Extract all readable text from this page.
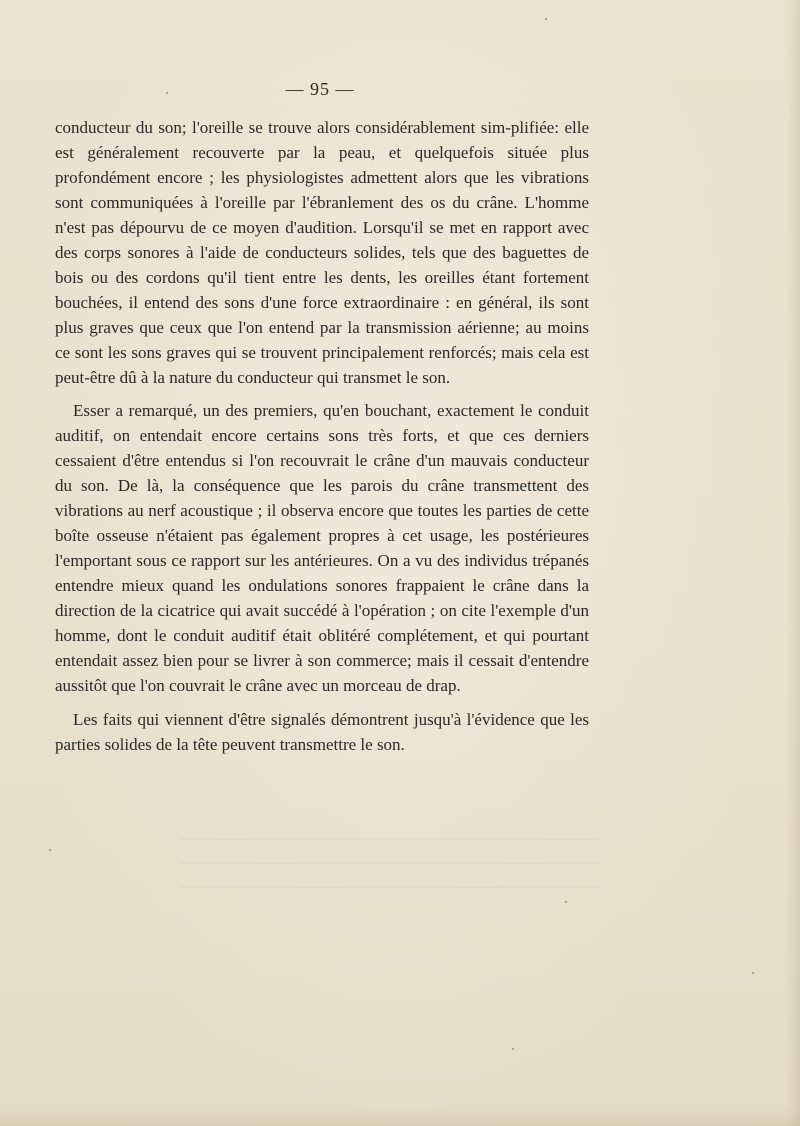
— 95 —

conducteur du son; l'oreille se trouve alors considérablement sim-plifiée: elle est généralement recouverte par la peau, et quelquefois située plus profondément encore ; les physiologistes admettent alors que les vibrations sont communiquées à l'oreille par l'ébranlement des os du crâne. L'homme n'est pas dépourvu de ce moyen d'audition. Lorsqu'il se met en rapport avec des corps sonores à l'aide de conducteurs solides, tels que des baguettes de bois ou des cordons qu'il tient entre les dents, les oreilles étant fortement bouchées, il entend des sons d'une force extraordinaire : en général, ils sont plus graves que ceux que l'on entend par la transmission aérienne; au moins ce sont les sons graves qui se trouvent principalement renforcés; mais cela est peut-être dû à la nature du conducteur qui transmet le son.

Esser a remarqué, un des premiers, qu'en bouchant, exactement le conduit auditif, on entendait encore certains sons très forts, et que ces derniers cessaient d'être entendus si l'on recouvrait le crâne d'un mauvais conducteur du son. De là, la conséquence que les parois du crâne transmettent des vibrations au nerf acoustique ; il observa encore que toutes les parties de cette boîte osseuse n'étaient pas également propres à cet usage, les postérieures l'emportant sous ce rapport sur les antérieures. On a vu des individus trépanés entendre mieux quand les ondulations sonores frappaient le crâne dans la direction de la cicatrice qui avait succédé à l'opération ; on cite l'exemple d'un homme, dont le conduit auditif était oblitéré complétement, et qui pourtant entendait assez bien pour se livrer à son commerce; mais il cessait d'entendre aussitôt que l'on couvrait le crâne avec un morceau de drap.

Les faits qui viennent d'être signalés démontrent jusqu'à l'évidence que les parties solides de la tête peuvent transmettre le son.
